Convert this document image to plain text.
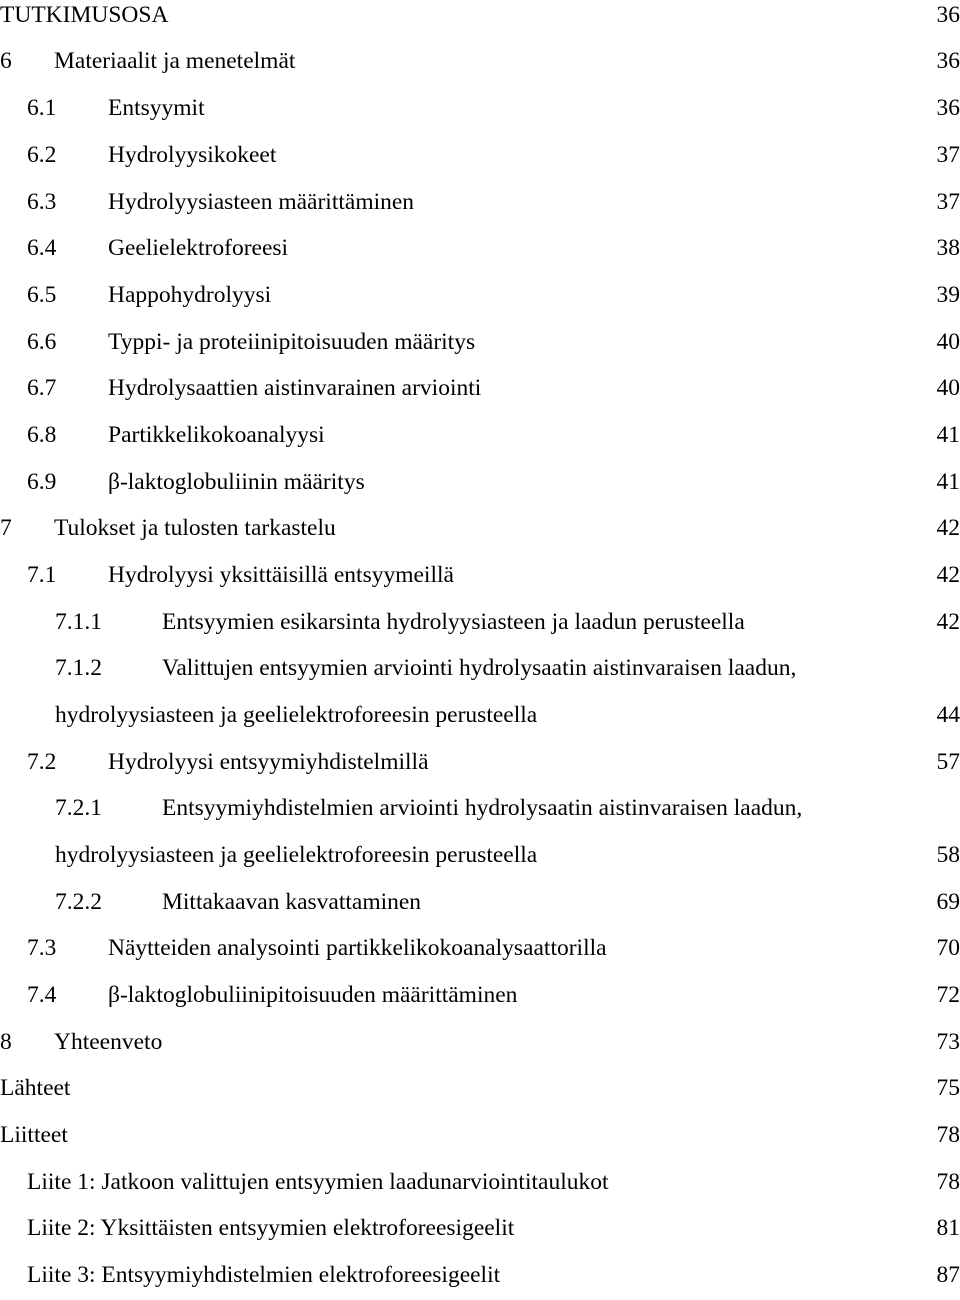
TUTKIMUSOSA	36
6 Materiaalit ja menetelmät	36
6.1 Entsyymit	36
6.2 Hydrolyysikokeet	37
6.3 Hydrolyysiasteen määrittäminen	37
6.4 Geelielektroforeesi	38
6.5 Happohydrolyysi	39
6.6 Typpi- ja proteiinipitoisuuden määritys	40
6.7 Hydrolysaattien aistinvarainen arviointi	40
6.8 Partikkelikokoanalyysi	41
6.9 β-laktoglobuliinin määritys	41
7 Tulokset ja tulosten tarkastelu	42
7.1 Hydrolyysi yksittäisillä entsyymeillä	42
7.1.1	Entsyymien esikarsinta hydrolyysiasteen ja laadun perusteella	42
7.1.2	Valittujen entsyymien arviointi hydrolysaatin aistinvaraisen laadun,
hydrolyysiasteen ja geelielektroforeesin perusteella	44
7.2 Hydrolyysi entsyymiyhdistelmillä	57
7.2.1	Entsyymiyhdistelmien arviointi hydrolysaatin aistinvaraisen laadun,
hydrolyysiasteen ja geelielektroforeesin perusteella	58
7.2.2	Mittakaavan kasvattaminen	69
7.3 Näytteiden analysointi partikkelikokoanalysaattorilla	70
7.4 β-laktoglobuliinipitoisuuden määrittäminen	72
8 Yhteenveto	73
Lähteet	75
Liitteet	78
Liite 1: Jatkoon valittujen entsyymien laadunarviointitaulukot	78
Liite 2: Yksittäisten entsyymien elektroforeesigeelit	81
Liite 3: Entsyymiyhdistelmien elektroforeesigeelit	87
